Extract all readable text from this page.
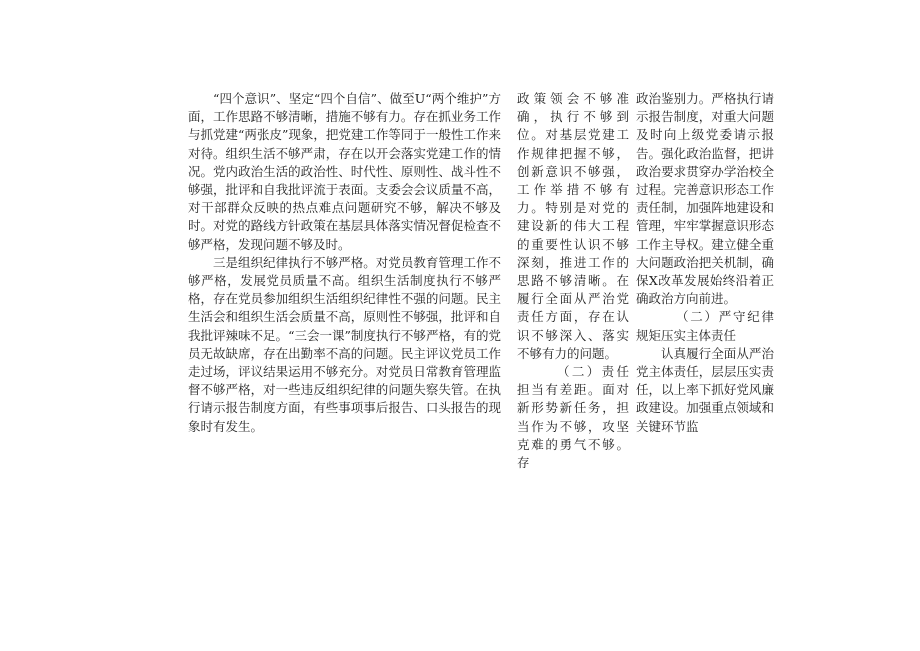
“四个意识”、坚定“四个自信”、做至U“两个维护”方面，工作思路不够清晰，措施不够有力。存在抓业务工作与抓党建“两张皮”现象，把党建工作等同于一般性工作来对待。组织生活不够严肃，存在以开会落实党建工作的情况。党内政治生活的政治性、时代性、原则性、战斗性不够强，批评和自我批评流于表面。支委会会议质量不高，对干部群众反映的热点难点问题研究不够，解决不够及时。对党的路线方针政策在基层具体落实情况督促检查不够严格，发现问题不够及时。

三是组织纪律执行不够严格。对党员教育管理工作不够严格，发展党员质量不高。组织生活制度执行不够严格，存在党员参加组织生活组织纪律性不强的问题。民主生活会和组织生活会质量不高，原则性不够强，批评和自我批评辣味不足。“三会一课”制度执行不够严格，有的党员无故缺席，存在出勤率不高的问题。民主评议党员工作走过场，评议结果运用不够充分。对党员日常教育管理监督不够严格，对一些违反组织纪律的问题失察失管。在执行请示报告制度方面，有些事项事后报告、口头报告的现象时有发生。

政策领会不够准确，执行不够到位。对基层党建工作规律把握不够，创新意识不够强，工作举措不够有力。特别是对党的建设新的伟大工程的重要性认识不够深刻，推进工作的思路不够清晰。在履行全面从严治党责任方面，存在认识不够深入、落实不够有力的问题。

（二）责任担当有差距。面对新形势新任务，担当作为不够，攻坚克难的勇气不够。存

政治鉴别力。严格执行请示报告制度，对重大问题及时向上级党委请示报告。强化政治监督，把讲政治要求贯穿办学治校全过程。完善意识形态工作责任制，加强阵地建设和管理，牢牢掌握意识形态工作主导权。建立健全重大问题政治把关机制，确保X改革发展始终沿着正确政治方向前进。

（二）严守纪律规矩压实主体责任

认真履行全面从严治党主体责任，层层压实责任，以上率下抓好党风廉政建设。加强重点领域和关键环节监
